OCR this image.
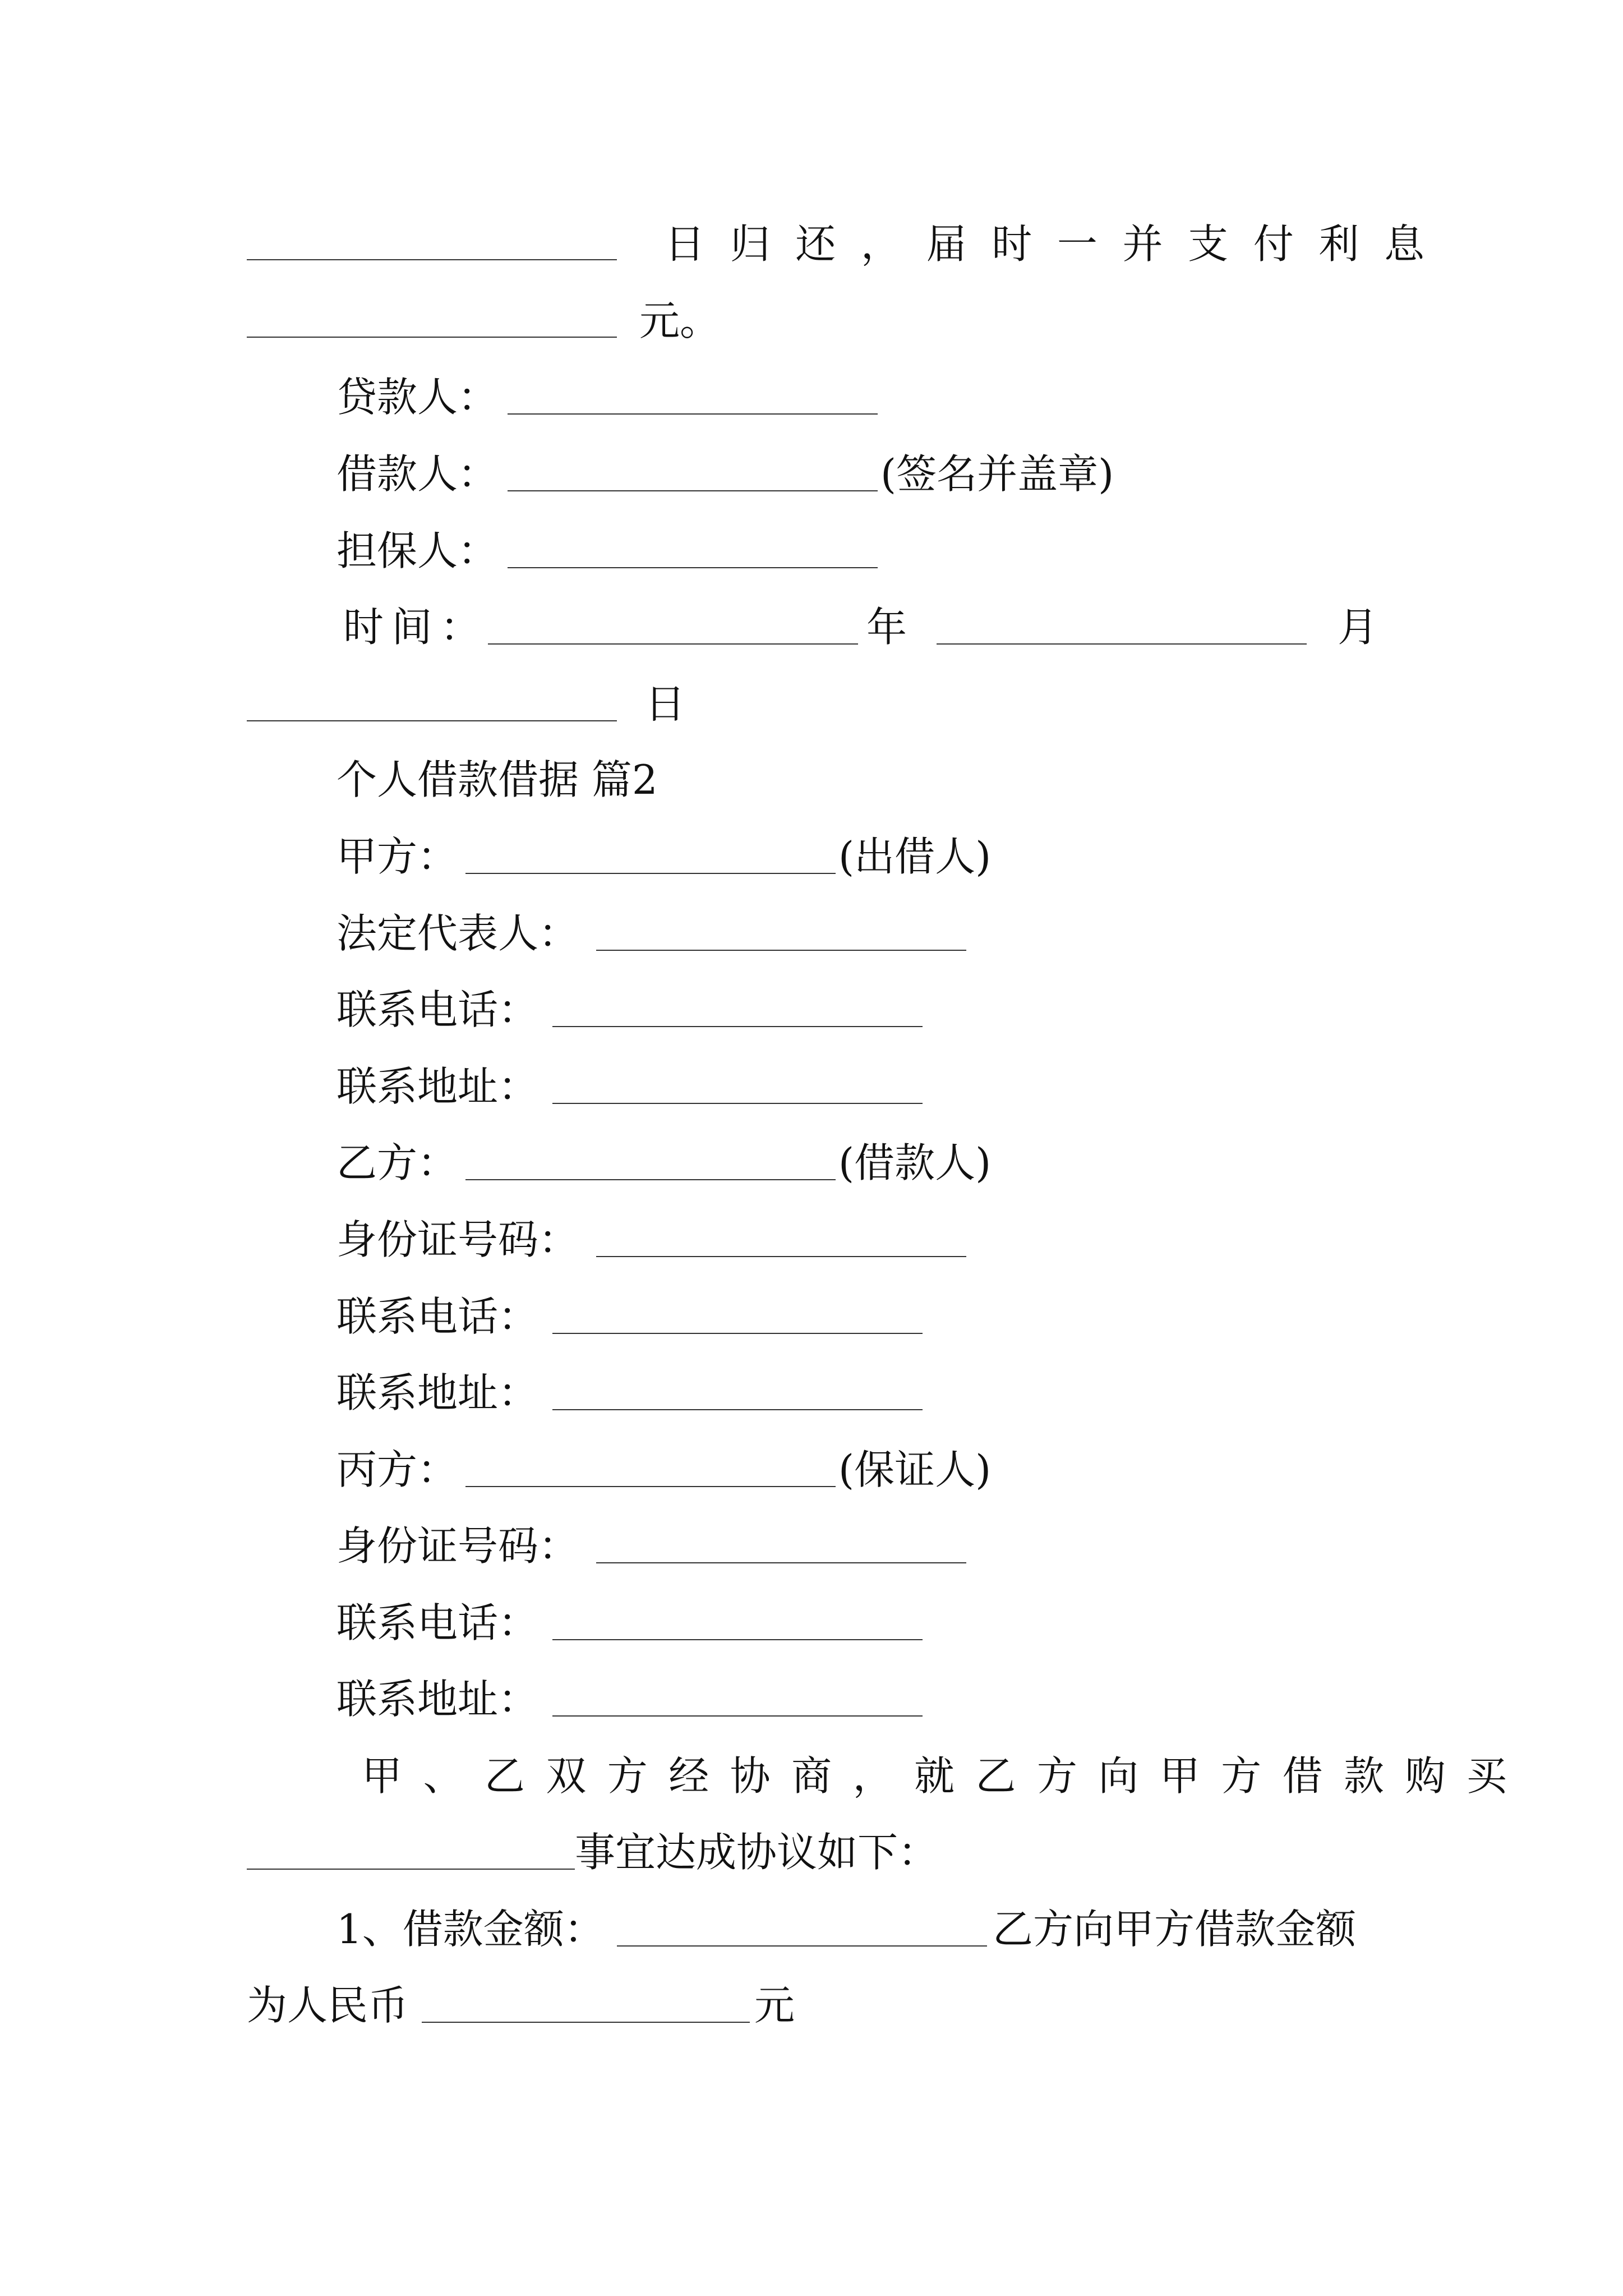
日归还，届时一并支付利息
元。
贷款人：
借款人：	(签名并盖章)
担保人：
时间：	年	月
日
个人借款借据 篇2
甲方：	(出借人)
法定代表人：
联系电话：
联系地址：
乙方：	(借款人)
身份证号码：
联系电话：
联系地址：
丙方：	(保证人)
身份证号码：
联系电话：
联系地址：
甲、乙双方经协商，就乙方向甲方借款购买
事宜达成协议如下：
1、借款金额：	乙方向甲方借款金额
为人民币	元
